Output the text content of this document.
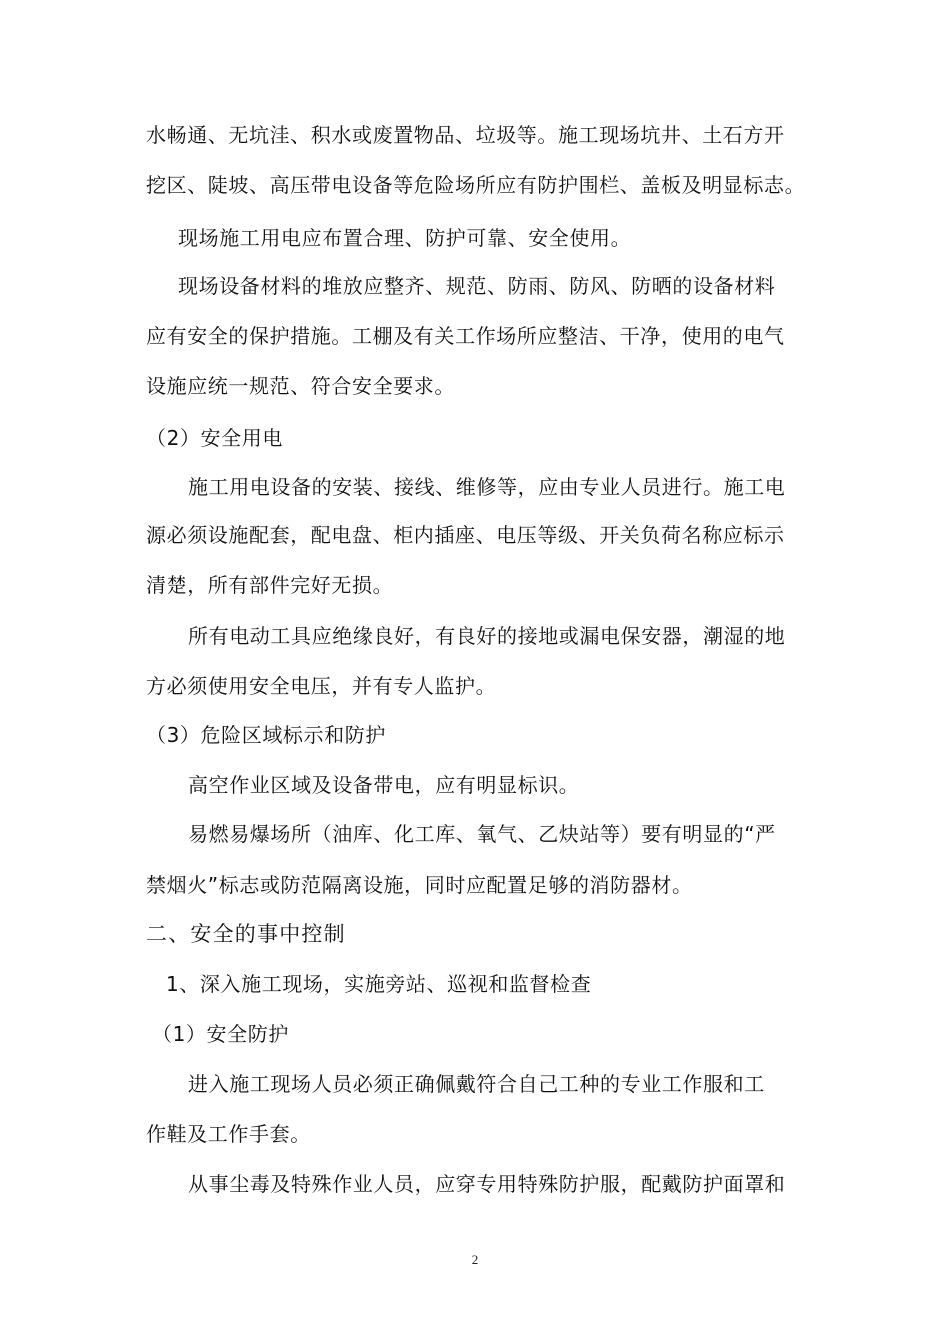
水畅通、无坑洼、积水或废置物品、垃圾等。施工现场坑井、土石方开
挖区、陡坡、高压带电设备等危险场所应有防护围栏、盖板及明显标志。
现场施工用电应布置合理、防护可靠、安全使用。
现场设备材料的堆放应整齐、规范、防雨、防风、防晒的设备材料
应有安全的保护措施。工棚及有关工作场所应整洁、干净，使用的电气
设施应统一规范、符合安全要求。
（2）安全用电
施工用电设备的安装、接线、维修等，应由专业人员进行。施工电
源必须设施配套，配电盘、柜内插座、电压等级、开关负荷名称应标示
清楚，所有部件完好无损。
所有电动工具应绝缘良好，有良好的接地或漏电保安器，潮湿的地
方必须使用安全电压，并有专人监护。
（3）危险区域标示和防护
高空作业区域及设备带电，应有明显标识。
易燃易爆场所（油库、化工库、氧气、乙炔站等）要有明显的“严
禁烟火”标志或防范隔离设施，同时应配置足够的消防器材。
二、安全的事中控制
1、深入施工现场，实施旁站、巡视和监督检查
（1）安全防护
进入施工现场人员必须正确佩戴符合自己工种的专业工作服和工
作鞋及工作手套。
从事尘毒及特殊作业人员，应穿专用特殊防护服，配戴防护面罩和
2
